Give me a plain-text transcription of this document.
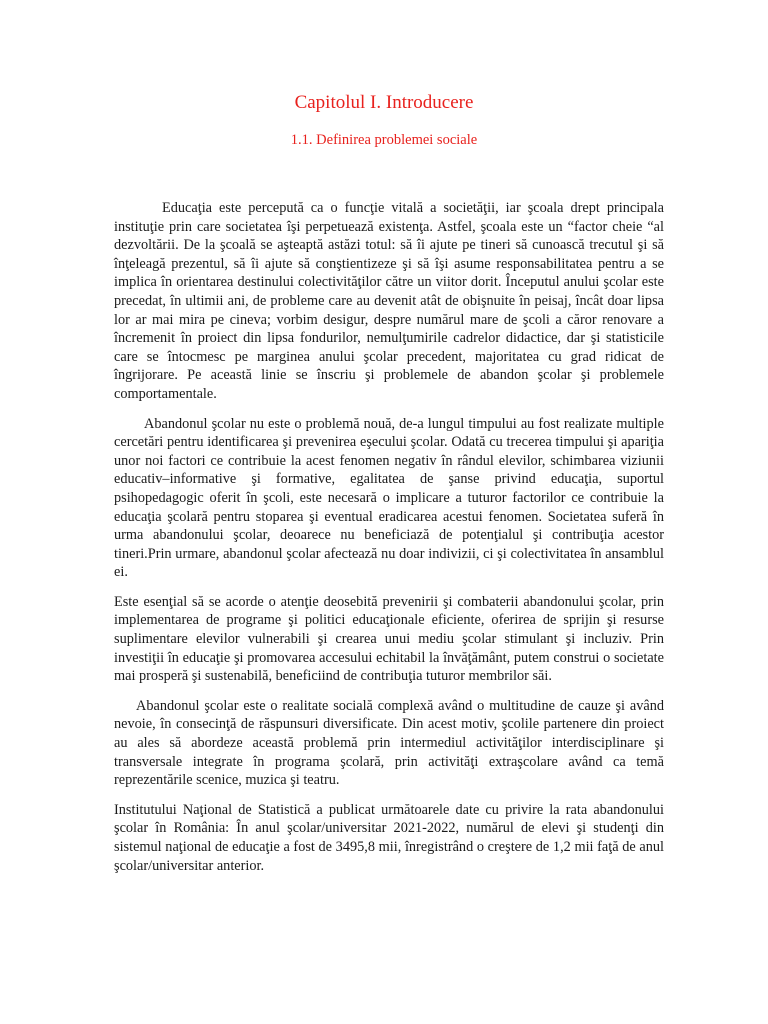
Capitolul I. Introducere
1.1. Definirea problemei sociale

Educaţia este percepută ca o funcţie vitală a societăţii, iar şcoala drept principala instituţie prin care societatea îşi perpetuează existenţa. Astfel, şcoala este un “factor cheie “al dezvoltării. De la şcoală se aşteaptă astăzi totul: să îi ajute pe tineri să cunoască trecutul şi să înţeleagă prezentul, să îi ajute să conştientizeze şi să îşi asume responsabilitatea pentru a se implica în orientarea destinului colectivităţilor către un viitor dorit. Începutul anului şcolar este precedat, în ultimii ani, de probleme care au devenit atât de obişnuite în peisaj, încât doar lipsa lor ar mai mira pe cineva; vorbim desigur, despre numărul mare de şcoli a căror renovare a încremenit în proiect din lipsa fondurilor, nemulţumirile cadrelor didactice, dar şi statisticile care se întocmesc pe marginea anului şcolar precedent, majoritatea cu grad ridicat de îngrijorare. Pe această linie se înscriu şi problemele de abandon şcolar şi problemele comportamentale.

Abandonul şcolar nu este o problemă nouă, de-a lungul timpului au fost realizate multiple cercetări pentru identificarea şi prevenirea eşecului şcolar. Odată cu trecerea timpului şi apariţia unor noi factori ce contribuie la acest fenomen negativ în rândul elevilor, schimbarea viziunii educativ–informative şi formative, egalitatea de şanse privind educaţia, suportul psihopedagogic oferit în şcoli, este necesară o implicare a tuturor factorilor ce contribuie la educaţia şcolară pentru stoparea şi eventual eradicarea acestui fenomen. Societatea suferă în urma abandonului şcolar, deoarece nu beneficiază de potenţialul şi contribuţia acestor tineri.Prin urmare, abandonul şcolar afectează nu doar indivizii, ci şi colectivitatea în ansamblul ei.

Este esenţial să se acorde o atenţie deosebită prevenirii şi combaterii abandonului şcolar, prin implementarea de programe şi politici educaţionale eficiente, oferirea de sprijin şi resurse suplimentare elevilor vulnerabili şi crearea unui mediu şcolar stimulant şi incluziv. Prin investiţii în educaţie şi promovarea accesului echitabil la învăţământ, putem construi o societate mai prosperă şi sustenabilă, beneficiind de contribuţia tuturor membrilor săi.

Abandonul şcolar este o realitate socială complexă având o multitudine de cauze şi având nevoie, în consecinţă de răspunsuri diversificate. Din acest motiv, şcolile partenere din proiect au ales să abordeze această problemă prin intermediul activităţilor interdisciplinare şi transversale integrate în programa şcolară, prin activităţi extraşcolare având ca temă reprezentările scenice, muzica şi teatru.

Institutului Naţional de Statistică a publicat următoarele date cu privire la rata abandonului şcolar în România: În anul şcolar/universitar 2021-2022, numărul de elevi şi studenţi din sistemul naţional de educaţie a fost de 3495,8 mii, înregistrând o creştere de 1,2 mii faţă de anul şcolar/universitar anterior.
